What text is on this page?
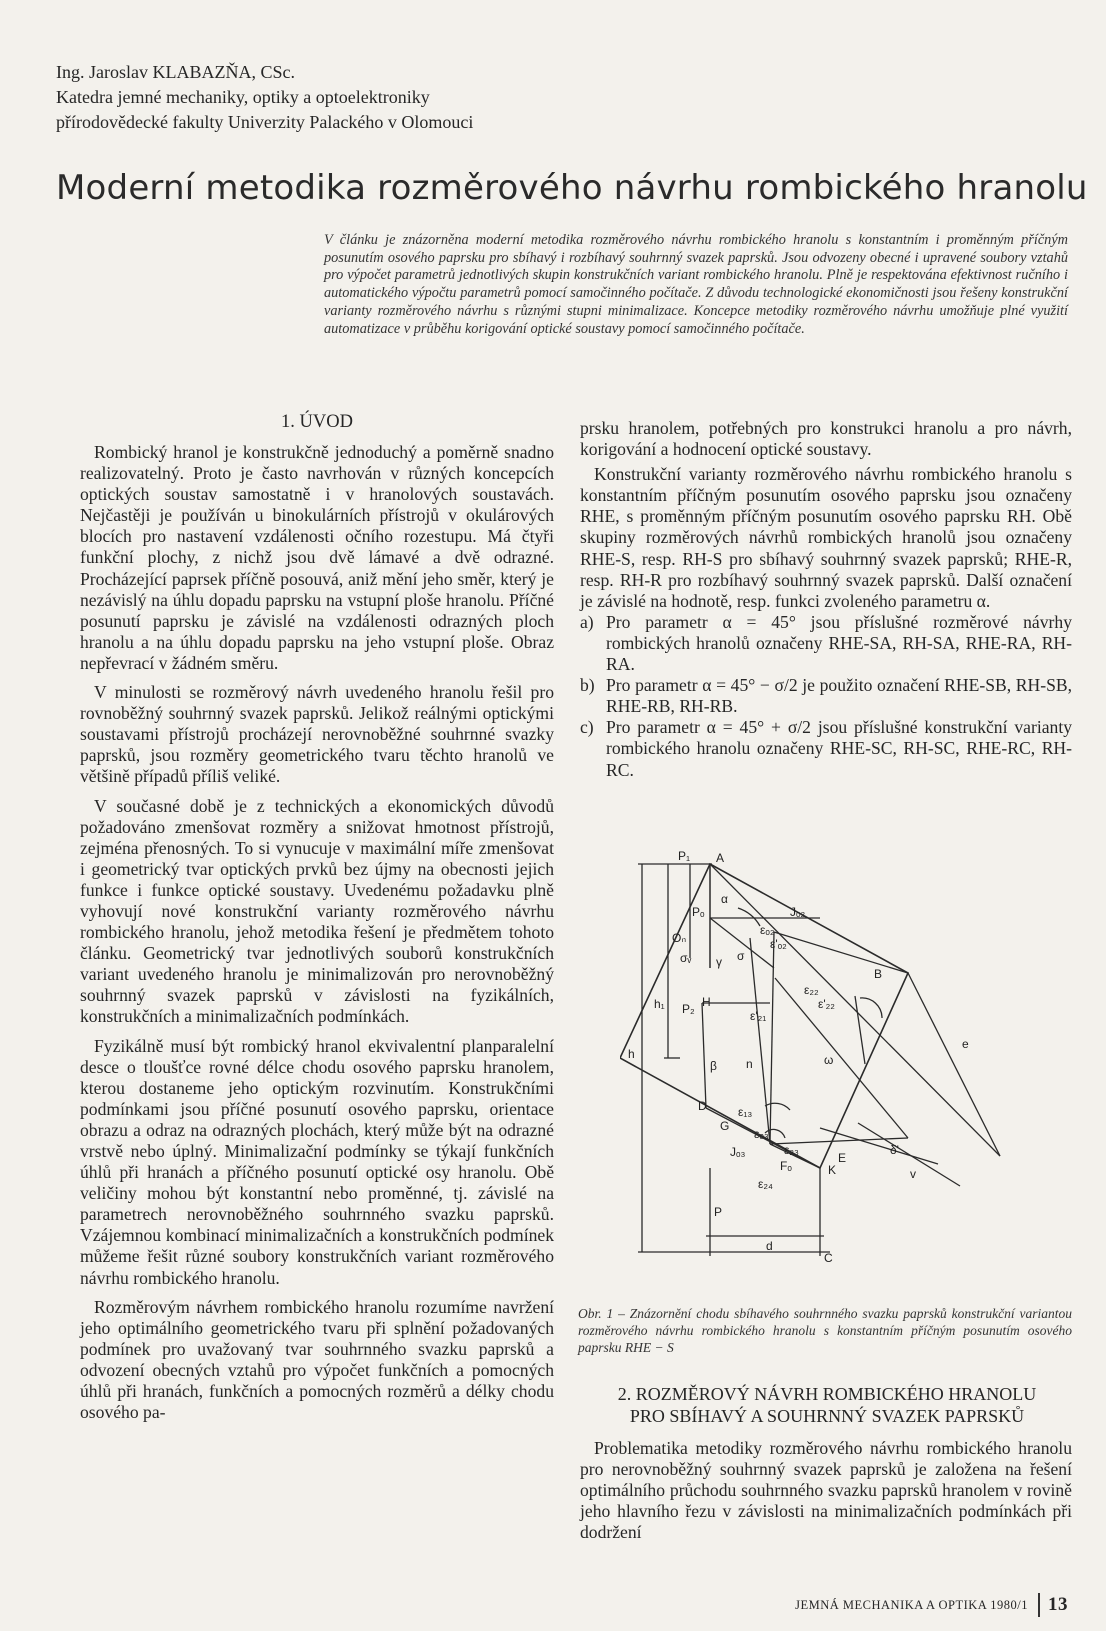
Ing. Jaroslav KLABAZŇA, CSc.
Katedra jemné mechaniky, optiky a optoelektroniky
přírodovědecké fakulty Univerzity Palackého v Olomouci
Moderní metodika rozměrového návrhu rombického hranolu
V článku je znázorněna moderní metodika rozměrového návrhu rombického hranolu s konstantním i proměnným příčným posunutím osového paprsku pro sbíhavý i rozbíhavý souhrnný svazek paprsků. Jsou odvozeny obecné i upravené soubory vztahů pro výpočet parametrů jednotlivých skupin konstrukčních variant rombického hranolu. Plně je respektována efektivnost ručního i automatického výpočtu parametrů pomocí samočinného počítače. Z důvodu technologické ekonomičnosti jsou řešeny konstrukční varianty rozměrového návrhu s různými stupni minimalizace. Koncepce metodiky rozměrového návrhu umožňuje plné využití automatizace v průběhu korigování optické soustavy pomocí samočinného počítače.
1. ÚVOD

Rombický hranol je konstrukčně jednoduchý a poměrně snadno realizovatelný. Proto je často navrhován v různých koncepcích optických soustav samostatně i v hranolových soustavách. Nejčastěji je používán u binokulárních přístrojů v okulárových blocích pro nastavení vzdálenosti očního rozestupu. Má čtyři funkční plochy, z nichž jsou dvě lámavé a dvě odrazné. Procházející paprsek příčně posouvá, aniž mění jeho směr, který je nezávislý na úhlu dopadu paprsku na vstupní ploše hranolu. Příčné posunutí paprsku je závislé na vzdálenosti odrazných ploch hranolu a na úhlu dopadu paprsku na jeho vstupní ploše. Obraz nepřevrací v žádném směru.

V minulosti se rozměrový návrh uvedeného hranolu řešil pro rovnoběžný souhrnný svazek paprsků. Jelikož reálnými optickými soustavami přístrojů procházejí nerovnoběžné souhrnné svazky paprsků, jsou rozměry geometrického tvaru těchto hranolů ve většině případů příliš veliké.

V současné době je z technických a ekonomických důvodů požadováno zmenšovat rozměry a snižovat hmotnost přístrojů, zejména přenosných. To si vynucuje v maximální míře zmenšovat i geometrický tvar optických prvků bez újmy na obecnosti jejich funkce i funkce optické soustavy. Uvedenému požadavku plně vyhovují nové konstrukční varianty rozměrového návrhu rombického hranolu, jehož metodika řešení je předmětem tohoto článku. Geometrický tvar jednotlivých souborů konstrukčních variant uvedeného hranolu je minimalizován pro nerovnoběžný souhrnný svazek paprsků v závislosti na fyzikálních, konstrukčních a minimalizačních podmínkách.

Fyzikálně musí být rombický hranol ekvivalentní planparalelní desce o tloušťce rovné délce chodu osového paprsku hranolem, kterou dostaneme jeho optickým rozvinutím. Konstrukčními podmínkami jsou příčné posunutí osového paprsku, orientace obrazu a odraz na odrazných plochách, který může být na odrazné vrstvě nebo úplný. Minimalizační podmínky se týkají funkčních úhlů při hranách a příčného posunutí optické osy hranolu. Obě veličiny mohou být konstantní nebo proměnné, tj. závislé na parametrech nerovnoběžného souhrnného svazku paprsků. Vzájemnou kombinací minimalizačních a konstrukčních podmínek můžeme řešit různé soubory konstrukčních variant rozměrového návrhu rombického hranolu.

Rozměrovým návrhem rombického hranolu rozumíme navržení jeho optimálního geometrického tvaru při splnění požadovaných podmínek pro uvažovaný tvar souhrnného svazku paprsků a odvození obecných vztahů pro výpočet funkčních a pomocných úhlů při hranách, funkčních a pomocných rozměrů a délky chodu osového pa-

prsku hranolem, potřebných pro konstrukci hranolu a pro návrh, korigování a hodnocení optické soustavy.

Konstrukční varianty rozměrového návrhu rombického hranolu s konstantním příčným posunutím osového paprsku jsou označeny RHE, s proměnným příčným posunutím osového paprsku RH. Obě skupiny rozměrových návrhů rombických hranolů jsou označeny RHE-S, resp. RH-S pro sbíhavý souhrnný svazek paprsků; RHE-R, resp. RH-R pro rozbíhavý souhrnný svazek paprsků. Další označení je závislé na hodnotě, resp. funkci zvoleného parametru α.

a) Pro parametr α = 45° jsou příslušné rozměrové návrhy rombických hranolů označeny RHE-SA, RH-SA, RHE-RA, RH-RA.
b) Pro parametr α = 45° − σ/2 je použito označení RHE-SB, RH-SB, RHE-RB, RH-RB.
c) Pro parametr α = 45° + σ/2 jsou příslušné konstrukční varianty rombického hranolu označeny RHE-SC, RH-SC, RHE-RC, RH-RC.
P₁ A
α
Pₒ	Jₒ₂
εₒ₂
ε'ₒ₂
σᵥ γ σ
B
ε₂₂
ε'₂₂
P₂ H
ε'₂₁
Oₙ
h₁
h
β n	ω
e
D	ε₁₃
G
εₒ₃
Jₒ₃	ε₂₃	δ'
Fₒ
E
K
ε₂₄
v
P
d
C
Obr. 1 – Znázornění chodu sbíhavého souhrnného svazku paprsků konstrukční variantou rozměrového návrhu rombického hranolu s konstantním příčným posunutím osového paprsku RHE − S
2. ROZMĚROVÝ NÁVRH ROMBICKÉHO HRANOLU
PRO SBÍHAVÝ A SOUHRNNÝ SVAZEK PAPRSKŮ

Problematika metodiky rozměrového návrhu rombického hranolu pro nerovnoběžný souhrnný svazek paprsků je založena na řešení optimálního průchodu souhrnného svazku paprsků hranolem v rovině jeho hlavního řezu v závislosti na minimalizačních podmínkách při dodržení

JEMNÁ MECHANIKA A OPTIKA 1980/1 13
